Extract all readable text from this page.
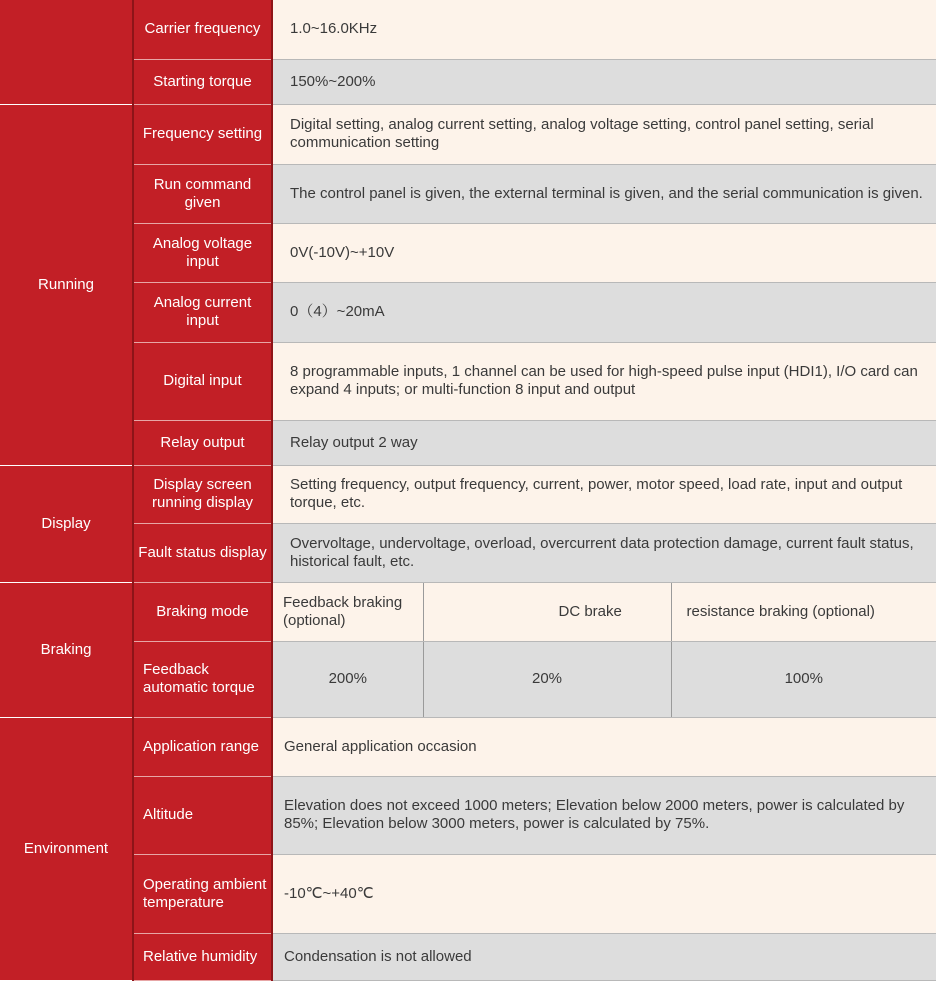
	Carrier frequency	1.0~16.0KHz		
	Starting torque	150%~200%		
Running	Frequency setting	Digital setting, analog current setting, analog voltage setting, control panel setting, serial communication setting		
	Run command given	The control panel is given, the external terminal is given, and the serial communication is given.		
	Analog voltage input	0V(-10V)~+10V		
	Analog current input	0（4）~20mA		
	Digital input	8 programmable inputs, 1 channel can be used for high-speed pulse input (HDI1), I/O card can expand 4 inputs; or multi-function 8 input and output		
	Relay output	Relay output 2 way		
Display	Display screen running display	Setting frequency, output frequency, current, power, motor speed, load rate, input and output torque, etc.		
	Fault status display	Overvoltage, undervoltage, overload, overcurrent data protection damage, current fault status, historical fault, etc.		
Braking	Braking mode	Feedback braking (optional)	DC brake	resistance braking (optional)
	Feedback automatic torque	200%	20%	100%
Environment	Application range	General application occasion		
	Altitude	Elevation does not exceed 1000 meters; Elevation below 2000 meters, power is calculated by 85%; Elevation below 3000 meters, power is calculated by 75%.		
	Operating ambient temperature	-10℃~+40℃		
	Relative humidity	Condensation is not allowed		
